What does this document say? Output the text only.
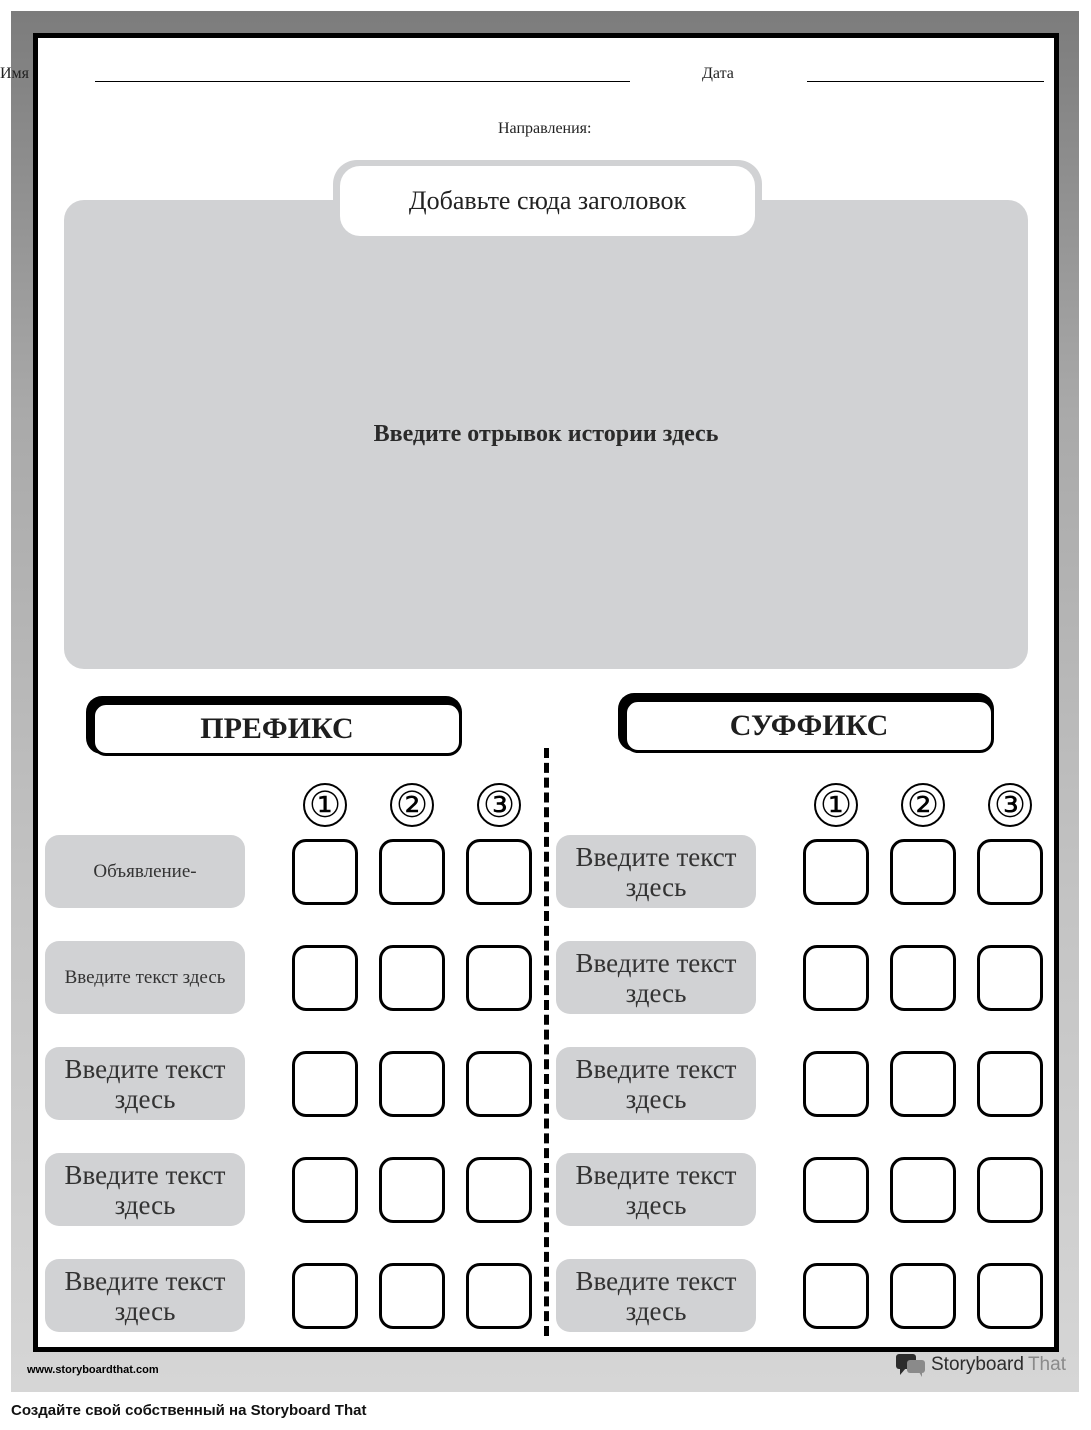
Имя	Дата
Направления:
Введите отрывок истории здесь
Добавьте сюда заголовок
ПРЕФИКС	СУФФИКС
① ② ③
Объявление-
Введите текст здесь
Введите текст здесь
Введите текст здесь
Введите текст здесь
① ② ③
Введите текст здесь
Введите текст здесь
Введите текст здесь
Введите текст здесь
Введите текст здесь
www.storyboardthat.com	Storyboard That
Создайте свой собственный на Storyboard That
